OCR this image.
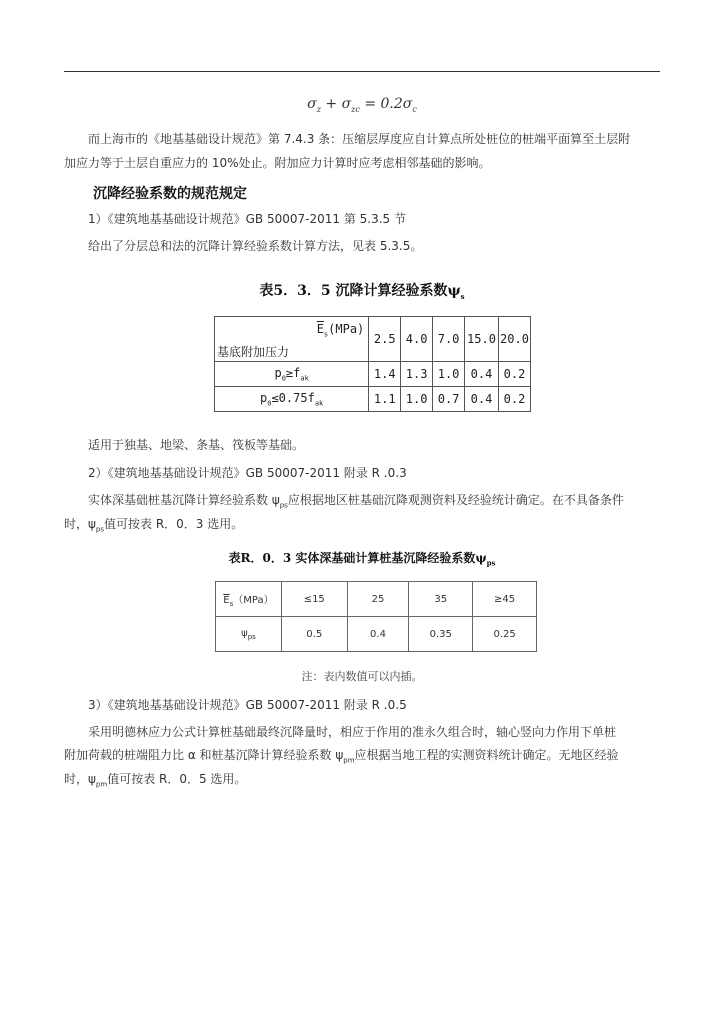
$\sigma_z + \sigma_{zc} = 0.2\sigma_c$
而上海市的《地基基础设计规范》第 7.4.3 条：压缩层厚度应自计算点所处桩位的桩端平面算至土层附
加应力等于土层自重应力的 10%处止。附加应力计算时应考虑相邻基础的影响。
沉降经验系数的规范规定
1）《建筑地基基础设计规范》GB 50007-2011 第 5.3.5 节
给出了分层总和法的沉降计算经验系数计算方法，见表 5.3.5。
表5．3．5 沉降计算经验系数$\psi_s$
$\overline{E}_s(MPa)$	2.5	4.0	7.0	15.0	20.0
基底附加压力					
$p_0\ge f_{ak}$	1.4	1.3	1.0	0.4	0.2
$p_0\le 0.75f_{ak}$	1.1	1.0	0.7	0.4	0.2
适用于独基、地梁、条基、筏板等基础。
2）《建筑地基基础设计规范》GB 50007-2011 附录 R .0.3
实体深基础桩基沉降计算经验系数 $\psi_{ps}$应根据地区桩基础沉降观测资料及经验统计确定。在不具备条件
时，$\psi_{ps}$值可按表 R．0．3 选用。
表R．0．3 实体深基础计算桩基沉降经验系数$\psi_{ps}$
$\overline{E}_s(MPa)$	≤15	25	35	≥45
$\psi_{ps}$	0.5	0.4	0.35	0.25
注：表内数值可以内插。
3）《建筑地基基础设计规范》GB 50007-2011 附录 R .0.5
采用明德林应力公式计算桩基础最终沉降量时，相应于作用的准永久组合时，轴心竖向力作用下单桩
附加荷载的桩端阻力比 α 和桩基沉降计算经验系数 $\psi_{pm}$应根据当地工程的实测资料统计确定。无地区经验
时，$\psi_{pm}$值可按表 R．0．5 选用。
